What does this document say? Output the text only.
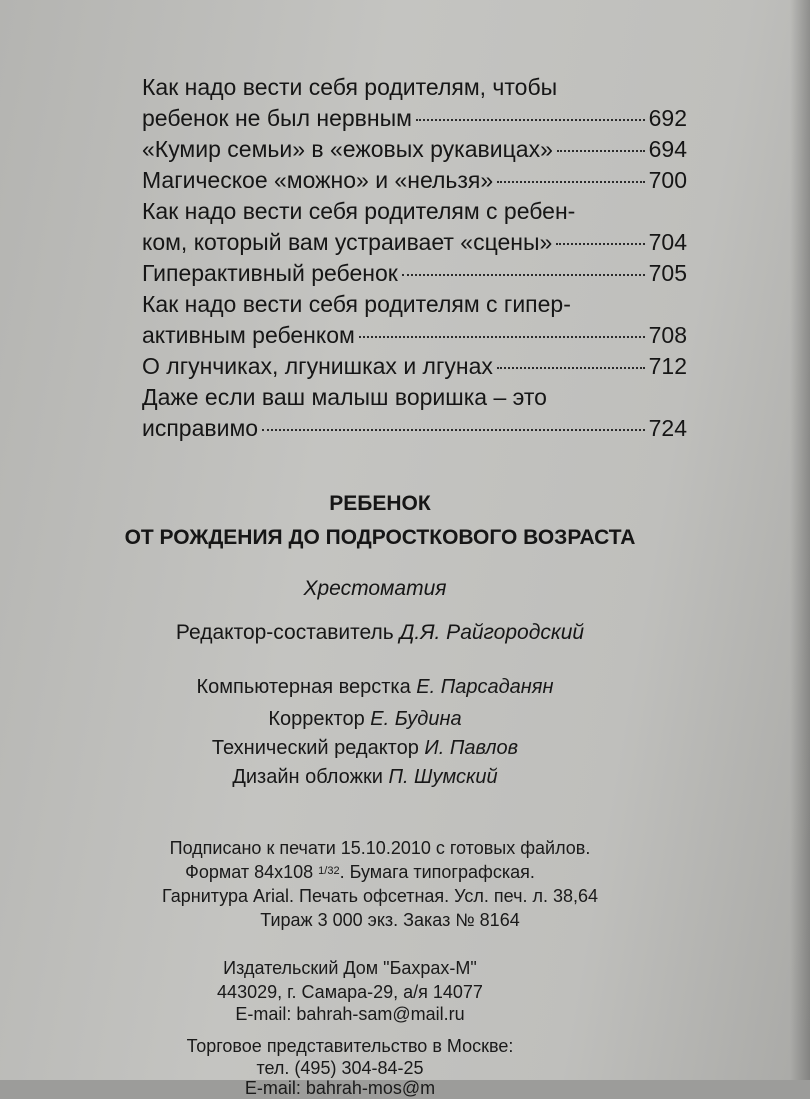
Как надо вести себя родителям, чтобы
ребенок не был нервным	692
«Кумир семьи» в «ежовых рукавицах»	694
Магическое «можно» и «нельзя»	700
Как надо вести себя родителям с ребен-
ком, который вам устраивает «сцены»	704
Гиперактивный ребенок	705
Как надо вести себя родителям с гипер-
активным ребенком	708
О лгунчиках, лгунишках и лгунах	712
Даже если ваш малыш воришка – это
исправимо	724
РЕБЕНОК
ОТ РОЖДЕНИЯ ДО ПОДРОСТКОВОГО ВОЗРАСТА
Хрестоматия
Редактор-составитель Д.Я. Райгородский
Компьютерная верстка Е. Парсаданян
Корректор Е. Будина
Технический редактор И. Павлов
Дизайн обложки П. Шумский
Подписано к печати 15.10.2010 с готовых файлов.
Формат 84х108 $^{1/32}$. Бумага типографская.
Гарнитура Arial. Печать офсетная. Усл. печ. л. 38,64
Тираж 3 000 экз. Заказ № 8164
Издательский Дом "Бахрах-М"
443029, г. Самара-29, а/я 14077
E-mail: bahrah-sam@mail.ru
Торговое представительство в Москве:
тел. (495) 304-84-25
E-mail: bahrah-mos@m
